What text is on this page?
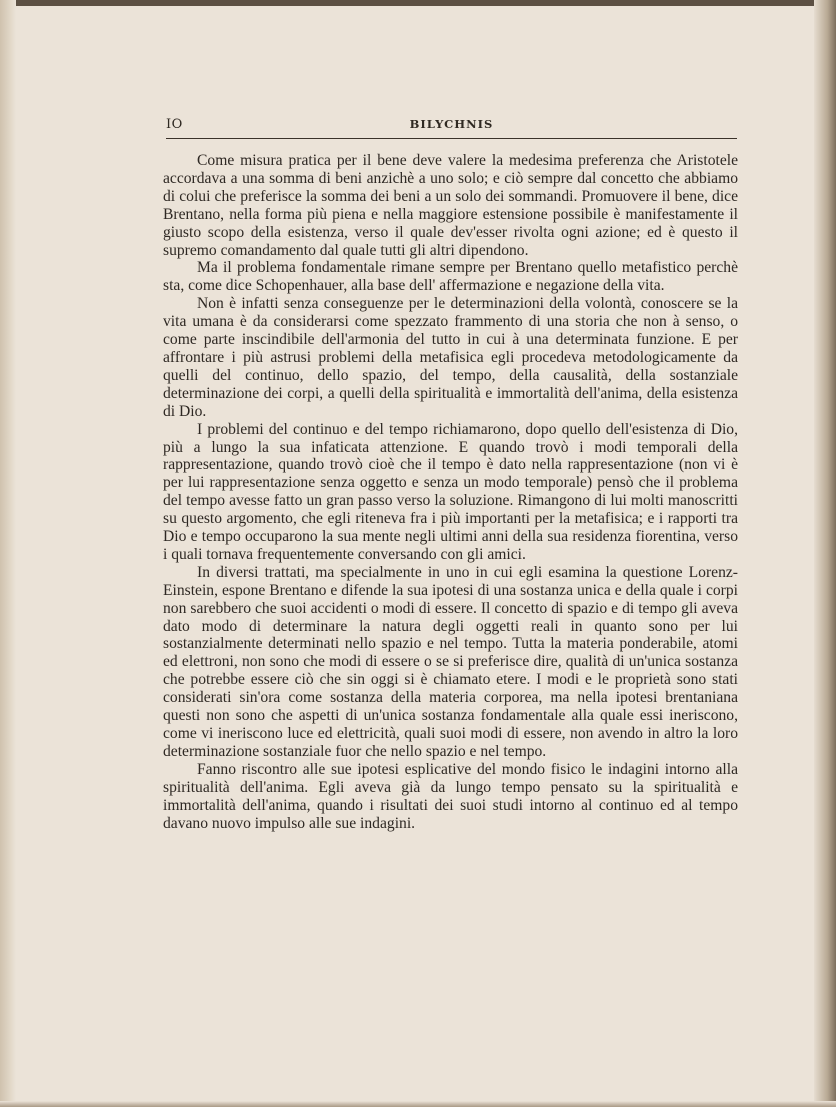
IO	BILYCHNIS

Come misura pratica per il bene deve valere la medesima preferenza che Aristotele accordava a una somma di beni anzichè a uno solo; e ciò sempre dal concetto che abbiamo di colui che preferisce la somma dei beni a un solo dei sommandi. Promuovere il bene, dice Brentano, nella forma più piena e nella maggiore estensione possibile è manifestamente il giusto scopo della esistenza, verso il quale dev'esser rivolta ogni azione; ed è questo il supremo comandamento dal quale tutti gli altri dipendono.

Ma il problema fondamentale rimane sempre per Brentano quello metafistico perchè sta, come dice Schopenhauer, alla base dell' affermazione e negazione della vita.

Non è infatti senza conseguenze per le determinazioni della volontà, conoscere se la vita umana è da considerarsi come spezzato frammento di una storia che non à senso, o come parte inscindibile dell'armonia del tutto in cui à una determinata funzione. E per affrontare i più astrusi problemi della metafisica egli procedeva metodologicamente da quelli del continuo, dello spazio, del tempo, della causalità, della sostanziale determinazione dei corpi, a quelli della spiritualità e immortalità dell'anima, della esistenza di Dio.

I problemi del continuo e del tempo richiamarono, dopo quello dell'esistenza di Dio, più a lungo la sua infaticata attenzione. E quando trovò i modi temporali della rappresentazione, quando trovò cioè che il tempo è dato nella rappresentazione (non vi è per lui rappresentazione senza oggetto e senza un modo temporale) pensò che il problema del tempo avesse fatto un gran passo verso la soluzione. Rimangono di lui molti manoscritti su questo argomento, che egli riteneva fra i più importanti per la metafisica; e i rapporti tra Dio e tempo occuparono la sua mente negli ultimi anni della sua residenza fiorentina, verso i quali tornava frequentemente conversando con gli amici.

In diversi trattati, ma specialmente in uno in cui egli esamina la questione Lorenz-Einstein, espone Brentano e difende la sua ipotesi di una sostanza unica e della quale i corpi non sarebbero che suoi accidenti o modi di essere. Il concetto di spazio e di tempo gli aveva dato modo di determinare la natura degli oggetti reali in quanto sono per lui sostanzialmente determinati nello spazio e nel tempo. Tutta la materia ponderabile, atomi ed elettroni, non sono che modi di essere o se si preferisce dire, qualità di un'unica sostanza che potrebbe essere ciò che sin oggi si è chiamato etere. I modi e le proprietà sono stati considerati sin'ora come sostanza della materia corporea, ma nella ipotesi brentaniana questi non sono che aspetti di un'unica sostanza fondamentale alla quale essi ineriscono, come vi ineriscono luce ed elettricità, quali suoi modi di essere, non avendo in altro la loro determinazione sostanziale fuor che nello spazio e nel tempo.

Fanno riscontro alle sue ipotesi esplicative del mondo fisico le indagini intorno alla spiritualità dell'anima. Egli aveva già da lungo tempo pensato su la spiritualità e immortalità dell'anima, quando i risultati dei suoi studi intorno al continuo ed al tempo davano nuovo impulso alle sue indagini.
